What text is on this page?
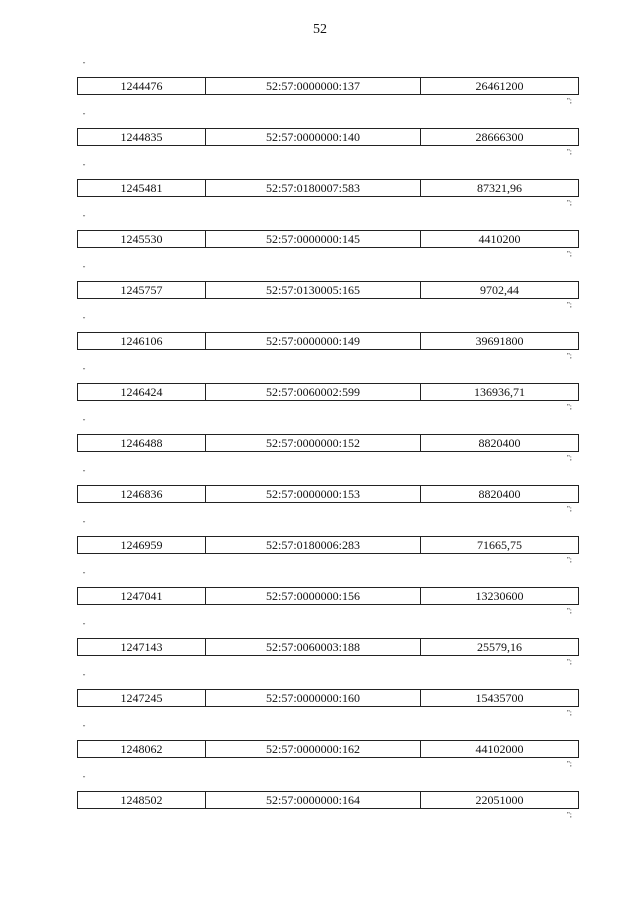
52
"
1244476	52:57:0000000:137	26461200
";
"
1244835	52:57:0000000:140	28666300
";
"
1245481	52:57:0180007:583	87321,96
";
"
1245530	52:57:0000000:145	4410200
";
"
1245757	52:57:0130005:165	9702,44
";
"
1246106	52:57:0000000:149	39691800
";
"
1246424	52:57:0060002:599	136936,71
";
"
1246488	52:57:0000000:152	8820400
";
"
1246836	52:57:0000000:153	8820400
";
"
1246959	52:57:0180006:283	71665,75
";
"
1247041	52:57:0000000:156	13230600
";
"
1247143	52:57:0060003:188	25579,16
";
"
1247245	52:57:0000000:160	15435700
";
"
1248062	52:57:0000000:162	44102000
";
"
1248502	52:57:0000000:164	22051000
";
